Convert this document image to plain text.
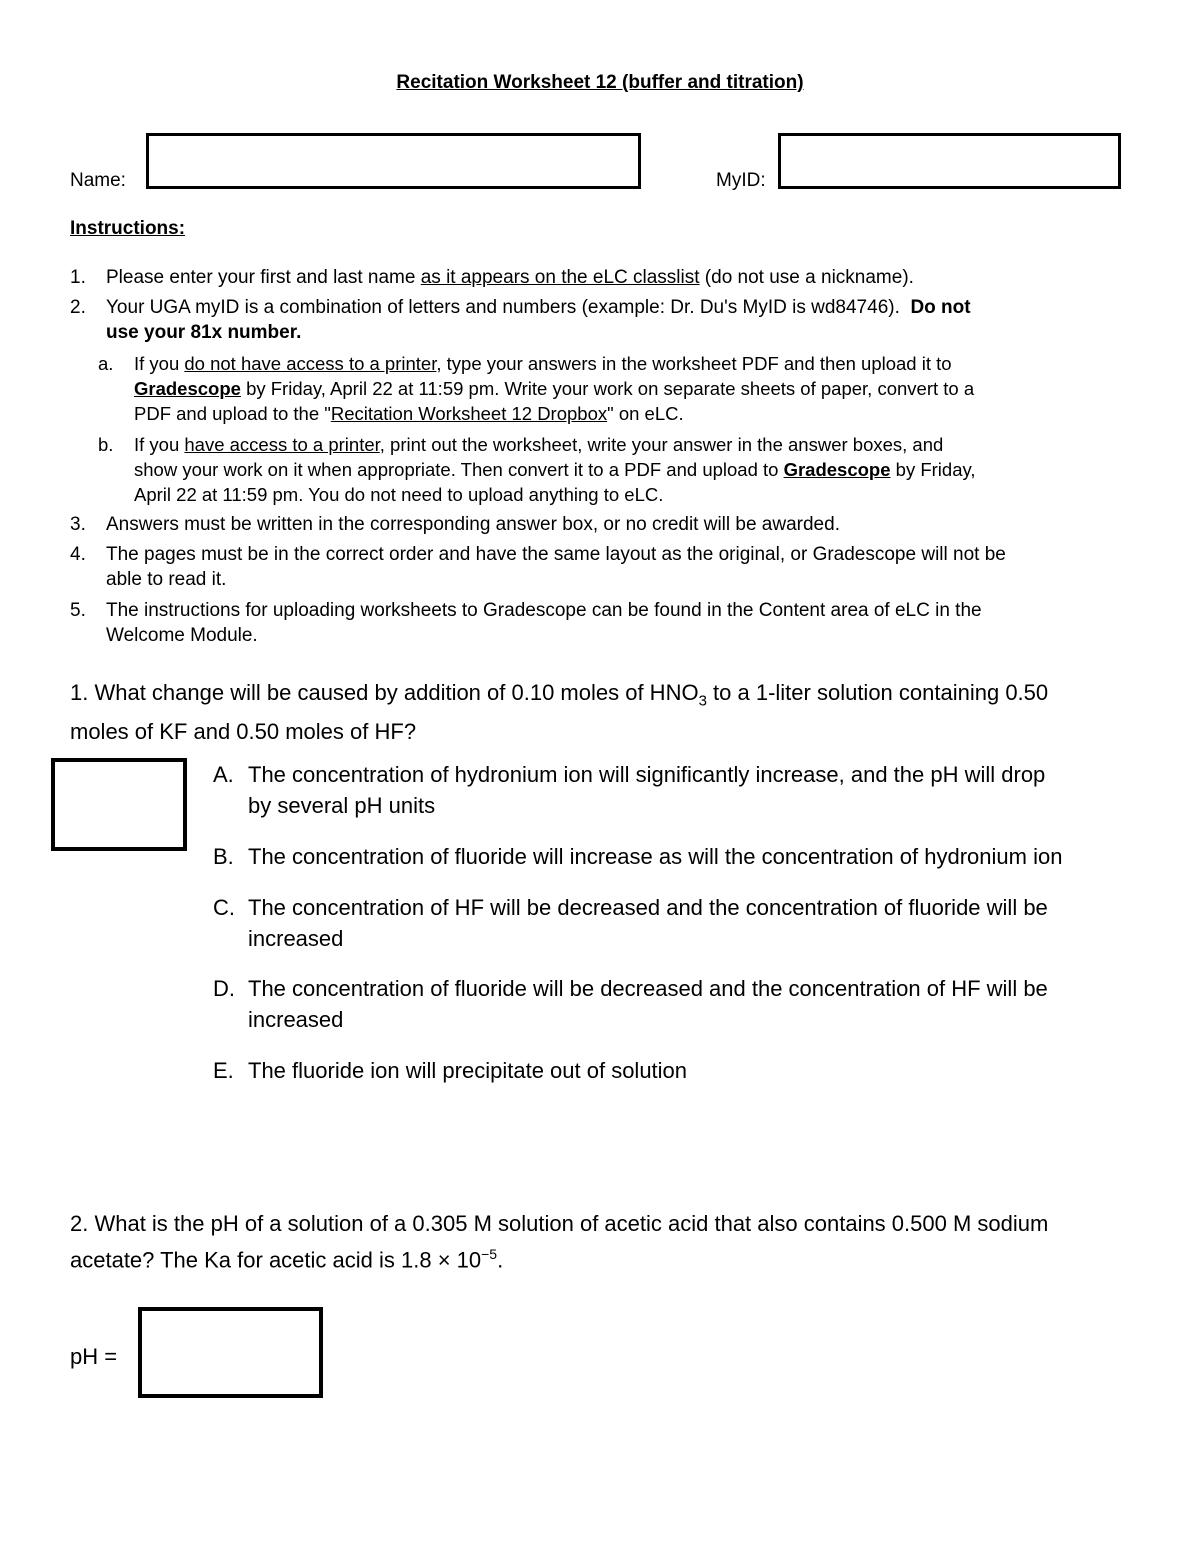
Recitation Worksheet 12 (buffer and titration)
Name:	MyID:
Instructions:
1. Please enter your first and last name as it appears on the eLC classlist (do not use a nickname).
2. Your UGA myID is a combination of letters and numbers (example: Dr. Du's MyID is wd84746). Do not
use your 81x number.
a. If you do not have access to a printer, type your answers in the worksheet PDF and then upload it to
Gradescope by Friday, April 22 at 11:59 pm. Write your work on separate sheets of paper, convert to a
PDF and upload to the "Recitation Worksheet 12 Dropbox" on eLC.
b. If you have access to a printer, print out the worksheet, write your answer in the answer boxes, and
show your work on it when appropriate. Then convert it to a PDF and upload to Gradescope by Friday,
April 22 at 11:59 pm. You do not need to upload anything to eLC.
3. Answers must be written in the corresponding answer box, or no credit will be awarded.
4. The pages must be in the correct order and have the same layout as the original, or Gradescope will not be
able to read it.
5. The instructions for uploading worksheets to Gradescope can be found in the Content area of eLC in the
Welcome Module.
1. What change will be caused by addition of 0.10 moles of $HNO_3$ to a 1-liter solution containing 0.50
moles of KF and 0.50 moles of HF?
A. The concentration of hydronium ion will significantly increase, and the pH will drop
by several pH units
B. The concentration of fluoride will increase as will the concentration of hydronium ion
C. The concentration of HF will be decreased and the concentration of fluoride will be
increased
D. The concentration of fluoride will be decreased and the concentration of HF will be
increased
E. The fluoride ion will precipitate out of solution
2. What is the pH of a solution of a 0.305 M solution of acetic acid that also contains 0.500 M sodium
acetate? The Ka for acetic acid is $1.8 \times 10^{-5}$.
pH =
